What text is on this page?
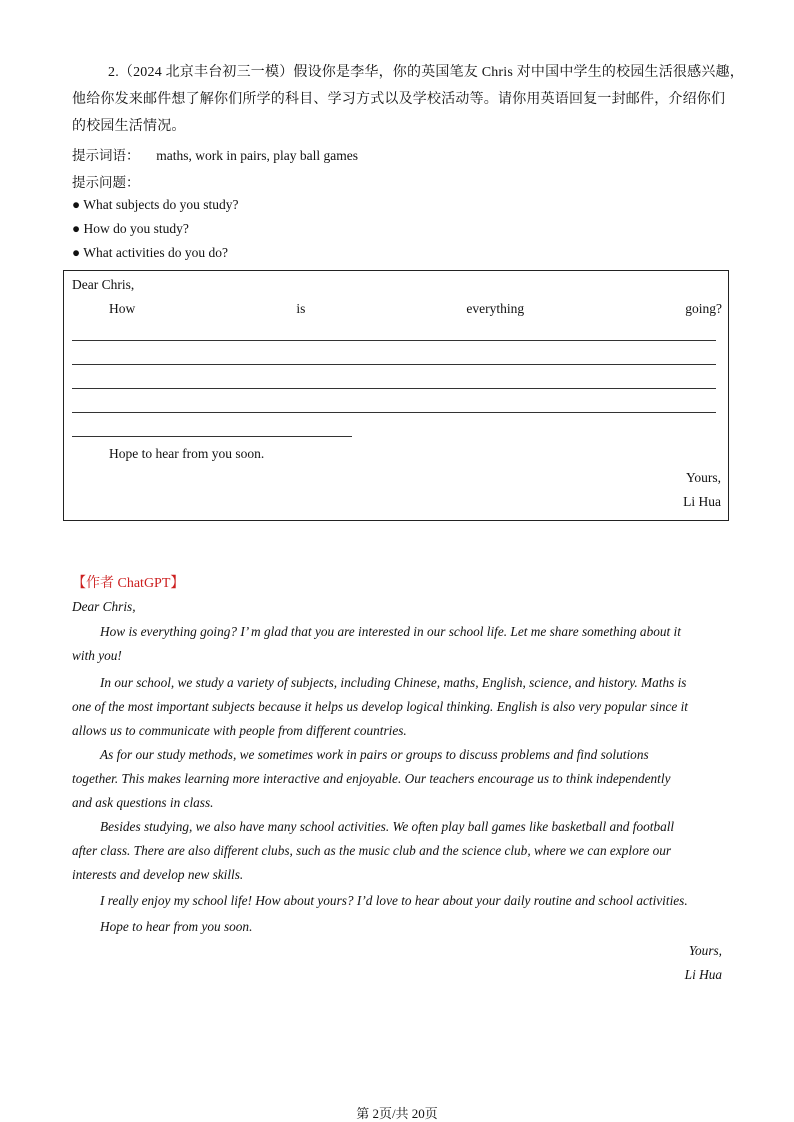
2.（2024 北京丰台初三一模）假设你是李华，你的英国笔友 Chris 对中国中学生的校园生活很感兴趣，
他给你发来邮件想了解你们所学的科目、学习方式以及学校活动等。请你用英语回复一封邮件，介绍你们
的校园生活情况。
提示词语： maths, work in pairs, play ball games
提示问题：
● What subjects do you study?
● How do you study?
● What activities do you do?
Dear Chris,
How	is	everything	going?
Hope to hear from you soon.
Yours,
Li Hua
【作者 ChatGPT】
Dear Chris,
How is everything going? I’ m glad that you are interested in our school life. Let me share something about it
with you!
In our school, we study a variety of subjects, including Chinese, maths, English, science, and history. Maths is
one of the most important subjects because it helps us develop logical thinking. English is also very popular since it
allows us to communicate with people from different countries.
As for our study methods, we sometimes work in pairs or groups to discuss problems and find solutions
together. This makes learning more interactive and enjoyable. Our teachers encourage us to think independently
and ask questions in class.
Besides studying, we also have many school activities. We often play ball games like basketball and football
after class. There are also different clubs, such as the music club and the science club, where we can explore our
interests and develop new skills.
I really enjoy my school life! How about yours? I’d love to hear about your daily routine and school activities.
Hope to hear from you soon.
Yours,
Li Hua
第 2页/共 20页
